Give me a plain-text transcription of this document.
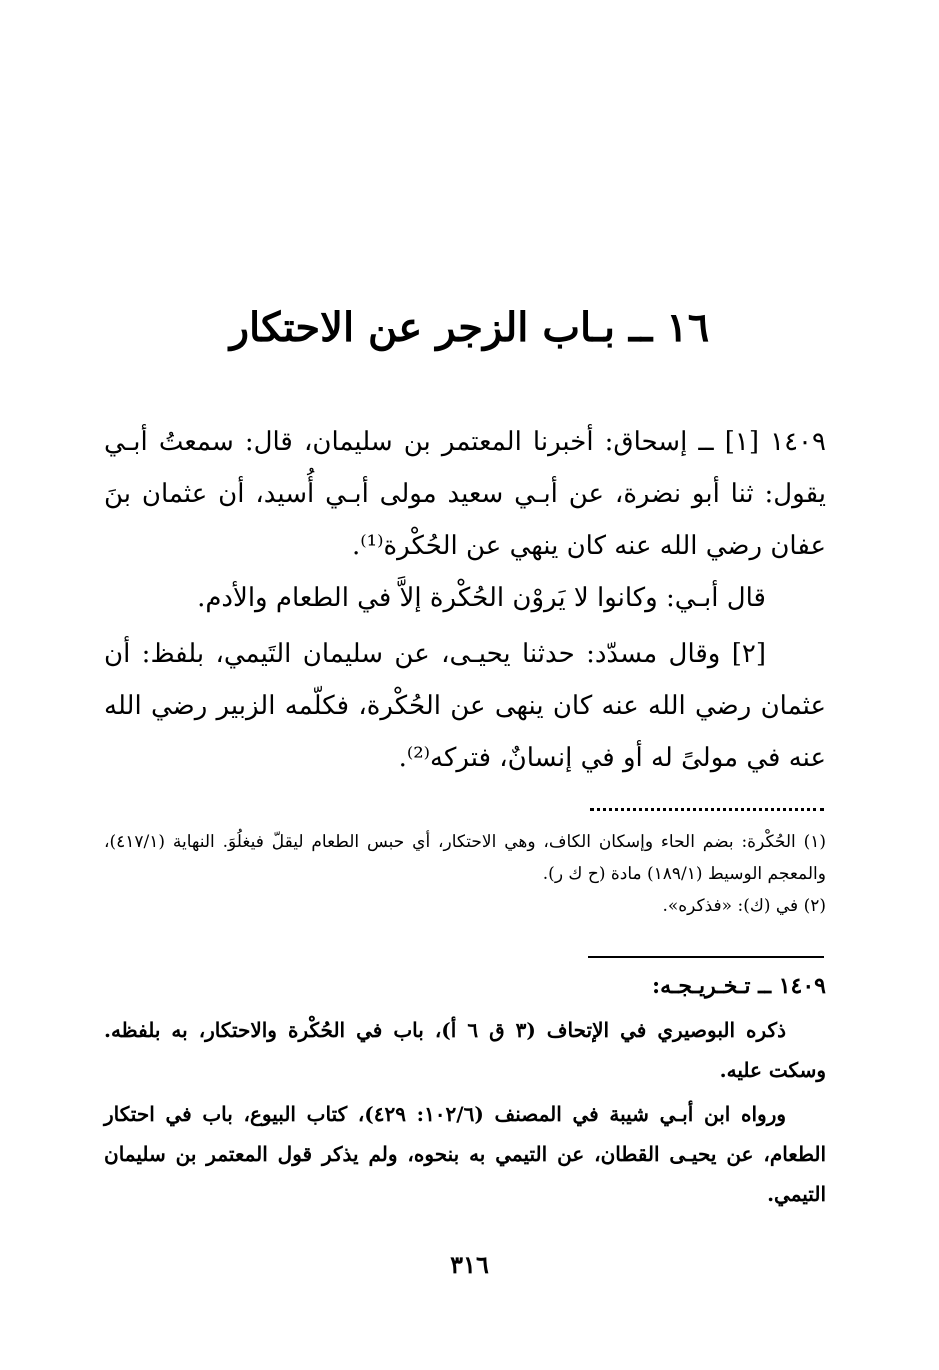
١٦ ــ بـاب الزجر عن الاحتكار

١٤٠٩ [١] ــ إسحاق: أخبرنا المعتمر بن سليمان، قال: سمعتُ أبـي يقول: ثنا أبو نضرة، عن أبـي سعيد مولى أبـي أُسيد، أن عثمان بنَ عفان رضي الله عنه كان ينهي عن الحُكْرة⁽¹⁾.

قال أبـي: وكانوا لا يَروْن الحُكْرة إلاَّ في الطعام والأدم.

[٢] وقال مسدّد: حدثنا يحيـى، عن سليمان التَيمي، بلفظ: أن عثمان رضي الله عنه كان ينهى عن الحُكْرة، فكلّمه الزبير رضي الله عنه في مولىً له أو في إنسانٌ، فتركه⁽²⁾.

(١) الحُكْرة: بضم الحاء وإسكان الكاف، وهي الاحتكار، أي حبس الطعام ليقلّ فيغلُوَ. النهاية (٤١٧/١)، والمعجم الوسيط (١٨٩/١) مادة (ح ك ر).

(٢) في (ك): «فذكره».

١٤٠٩ ــ تـخـريـجـه:

ذكره البوصيري في الإتحاف (٣ ق ٦ أ)، باب في الحُكْرة والاحتكار، به بلفظه. وسكت عليه.

ورواه ابن أبـي شيبة في المصنف (١٠٢/٦: ٤٢٩)، كتاب البيوع، باب في احتكار الطعام، عن يحيـى القطان، عن التيمي به بنحوه، ولم يذكر قول المعتمر بن سليمان التيمي.

٣١٦
